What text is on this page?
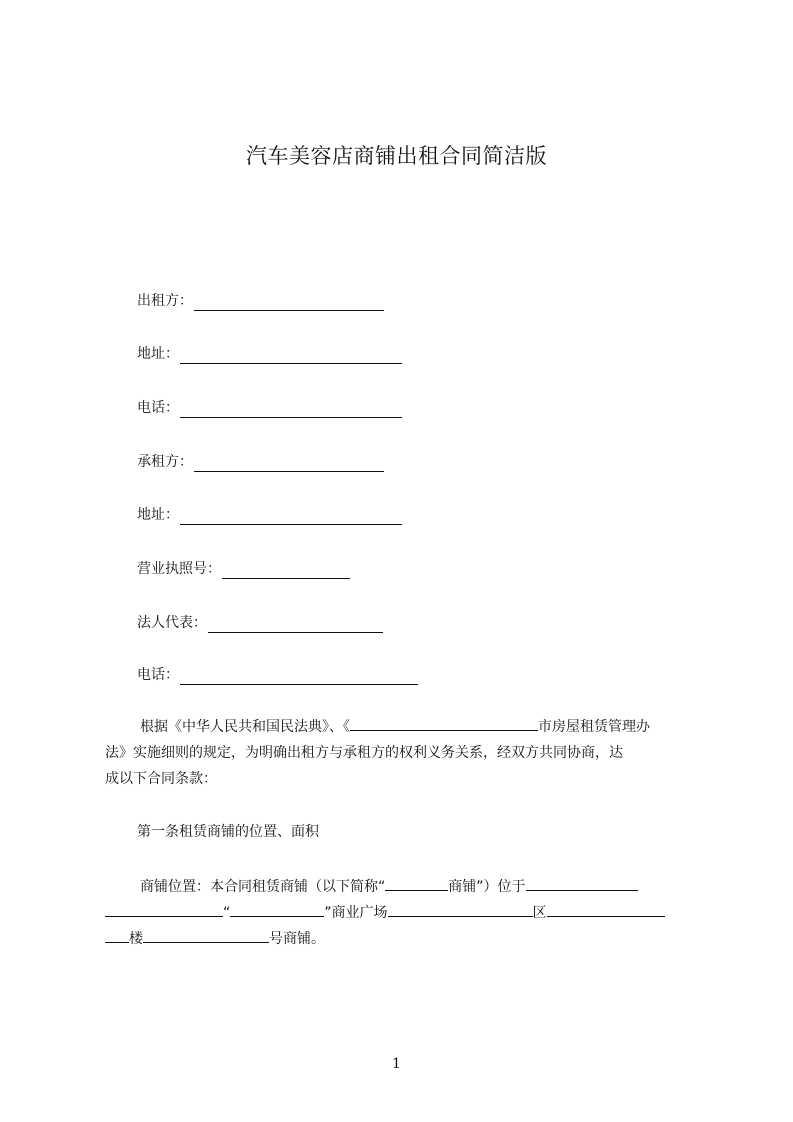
汽车美容店商铺出租合同简洁版
出租方：
地址：
电话：
承租方：
地址：
营业执照号：
法人代表：
电话：
根据《中华人民共和国民法典》、《	市房屋租赁管理办
法》实施细则的规定，为明确出租方与承租方的权利义务关系，经双方共同协商，达
成以下合同条款：
第一条租赁商铺的位置、面积
商铺位置：本合同租赁商铺（以下简称“	商铺”）位于
“	”商业广场	区
楼	号商铺。
1
